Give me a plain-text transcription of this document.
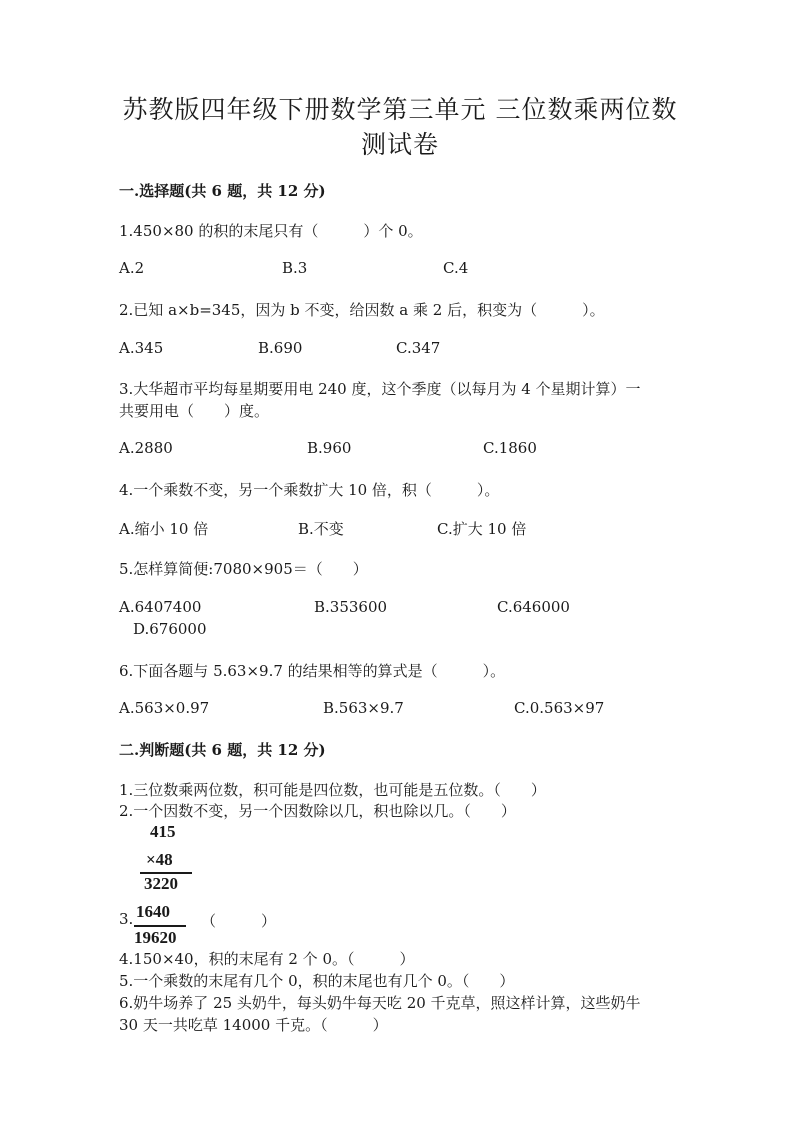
苏教版四年级下册数学第三单元 三位数乘两位数
测试卷
一.选择题(共 6 题，共 12 分)
1.450×80 的积的末尾只有（　　　）个 0。
A.2	B.3	C.4
2.已知 a×b=345，因为 b 不变，给因数 a 乘 2 后，积变为（　　　）。
A.345	B.690	C.347
3.大华超市平均每星期要用电 240 度，这个季度（以每月为 4 个星期计算）一
共要用电（　　）度。
A.2880	B.960	C.1860
4.一个乘数不变，另一个乘数扩大 10 倍，积（　　　）。
A.缩小 10 倍	B.不变	C.扩大 10 倍
5.怎样算简便:7080×905＝（　　）
A.6407400	B.353600	C.646000
D.676000
6.下面各题与 5.63×9.7 的结果相等的算式是（　　　）。
A.563×0.97	B.563×9.7	C.0.563×97
二.判断题(共 6 题，共 12 分)
1.三位数乘两位数，积可能是四位数，也可能是五位数。（　　）
2.一个因数不变，另一个因数除以几，积也除以几。（　　）
415
×48
3220
3. 1640
19620
（　　　）
4.150×40，积的末尾有 2 个 0。（　　　）
5.一个乘数的末尾有几个 0，积的末尾也有几个 0。（　　）
6.奶牛场养了 25 头奶牛，每头奶牛每天吃 20 千克草，照这样计算，这些奶牛
30 天一共吃草 14000 千克。（　　　）
